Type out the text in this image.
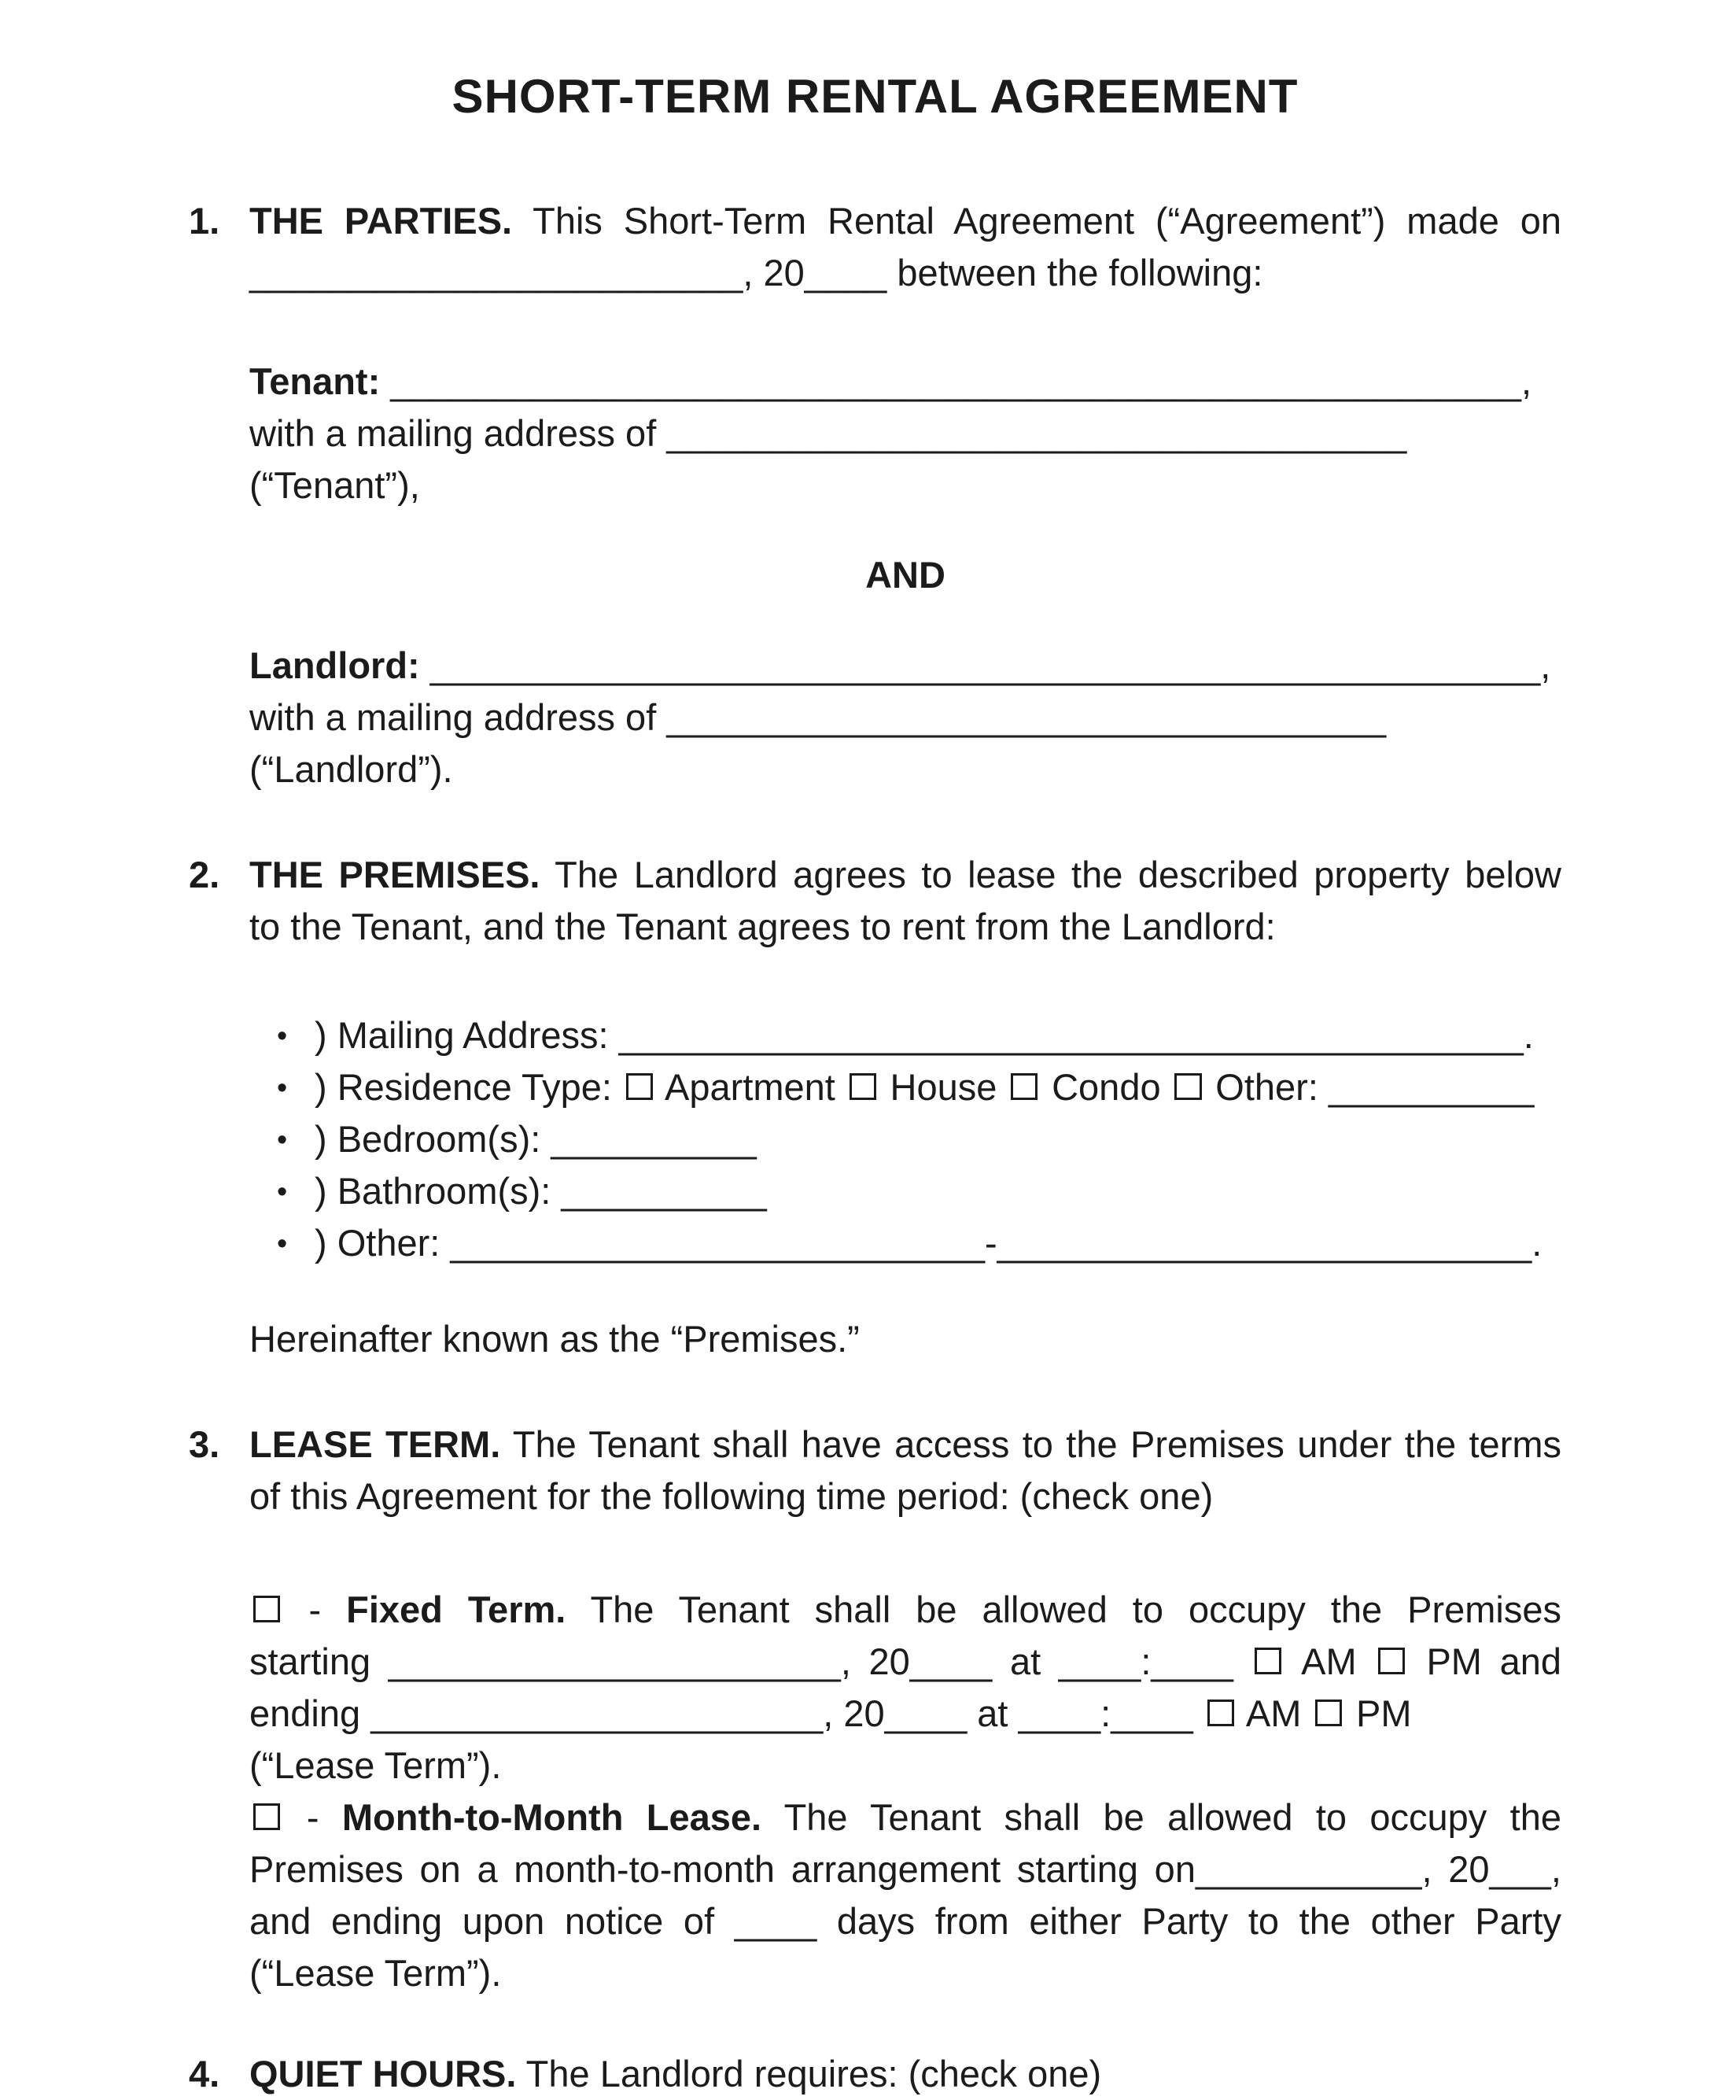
SHORT-TERM RENTAL AGREEMENT
1. THE PARTIES. This Short-Term Rental Agreement (“Agreement”) made on
________________________, 20____ between the following:
Tenant: _______________________________________________________,
with a mailing address of ____________________________________ (“Tenant”),
AND
Landlord: ______________________________________________________,
with a mailing address of ___________________________________ (“Landlord”).
2. THE PREMISES. The Landlord agrees to lease the described property below
to the Tenant, and the Tenant agrees to rent from the Landlord:
• ) Mailing Address: ____________________________________________.
• ) Residence Type:  Apartment  House  Condo  Other: __________
• ) Bedroom(s): __________
• ) Bathroom(s): __________
• ) Other: __________________________-__________________________.
Hereinafter known as the “Premises.”
3. LEASE TERM. The Tenant shall have access to the Premises under the terms
of this Agreement for the following time period: (check one)
- Fixed Term. The Tenant shall be allowed to occupy the Premises
starting ______________________, 20____ at ____:____  AM  PM and
ending ______________________, 20____ at ____:____  AM  PM
(“Lease Term”).
- Month-to-Month Lease. The Tenant shall be allowed to occupy the
Premises on a month-to-month arrangement starting on___________, 20___,
and ending upon notice of ____ days from either Party to the other Party
(“Lease Term”).
4. QUIET HOURS. The Landlord requires: (check one)
